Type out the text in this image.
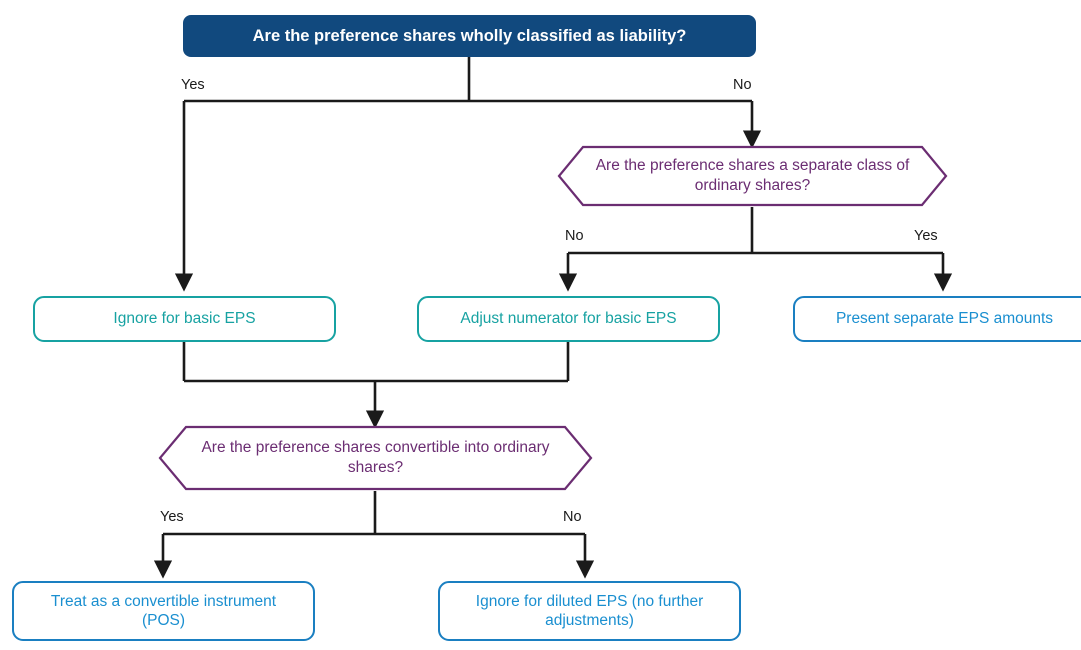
Are the preference shares wholly classified as liability?
Yes	No
Are the preference shares a separate class of ordinary shares?
No	Yes
Ignore for basic EPS	Adjust numerator for basic EPS	Present separate EPS amounts
Are the preference shares convertible into ordinary shares?
Yes	No
Treat as a convertible instrument (POS)
Ignore for diluted EPS (no further adjustments)
